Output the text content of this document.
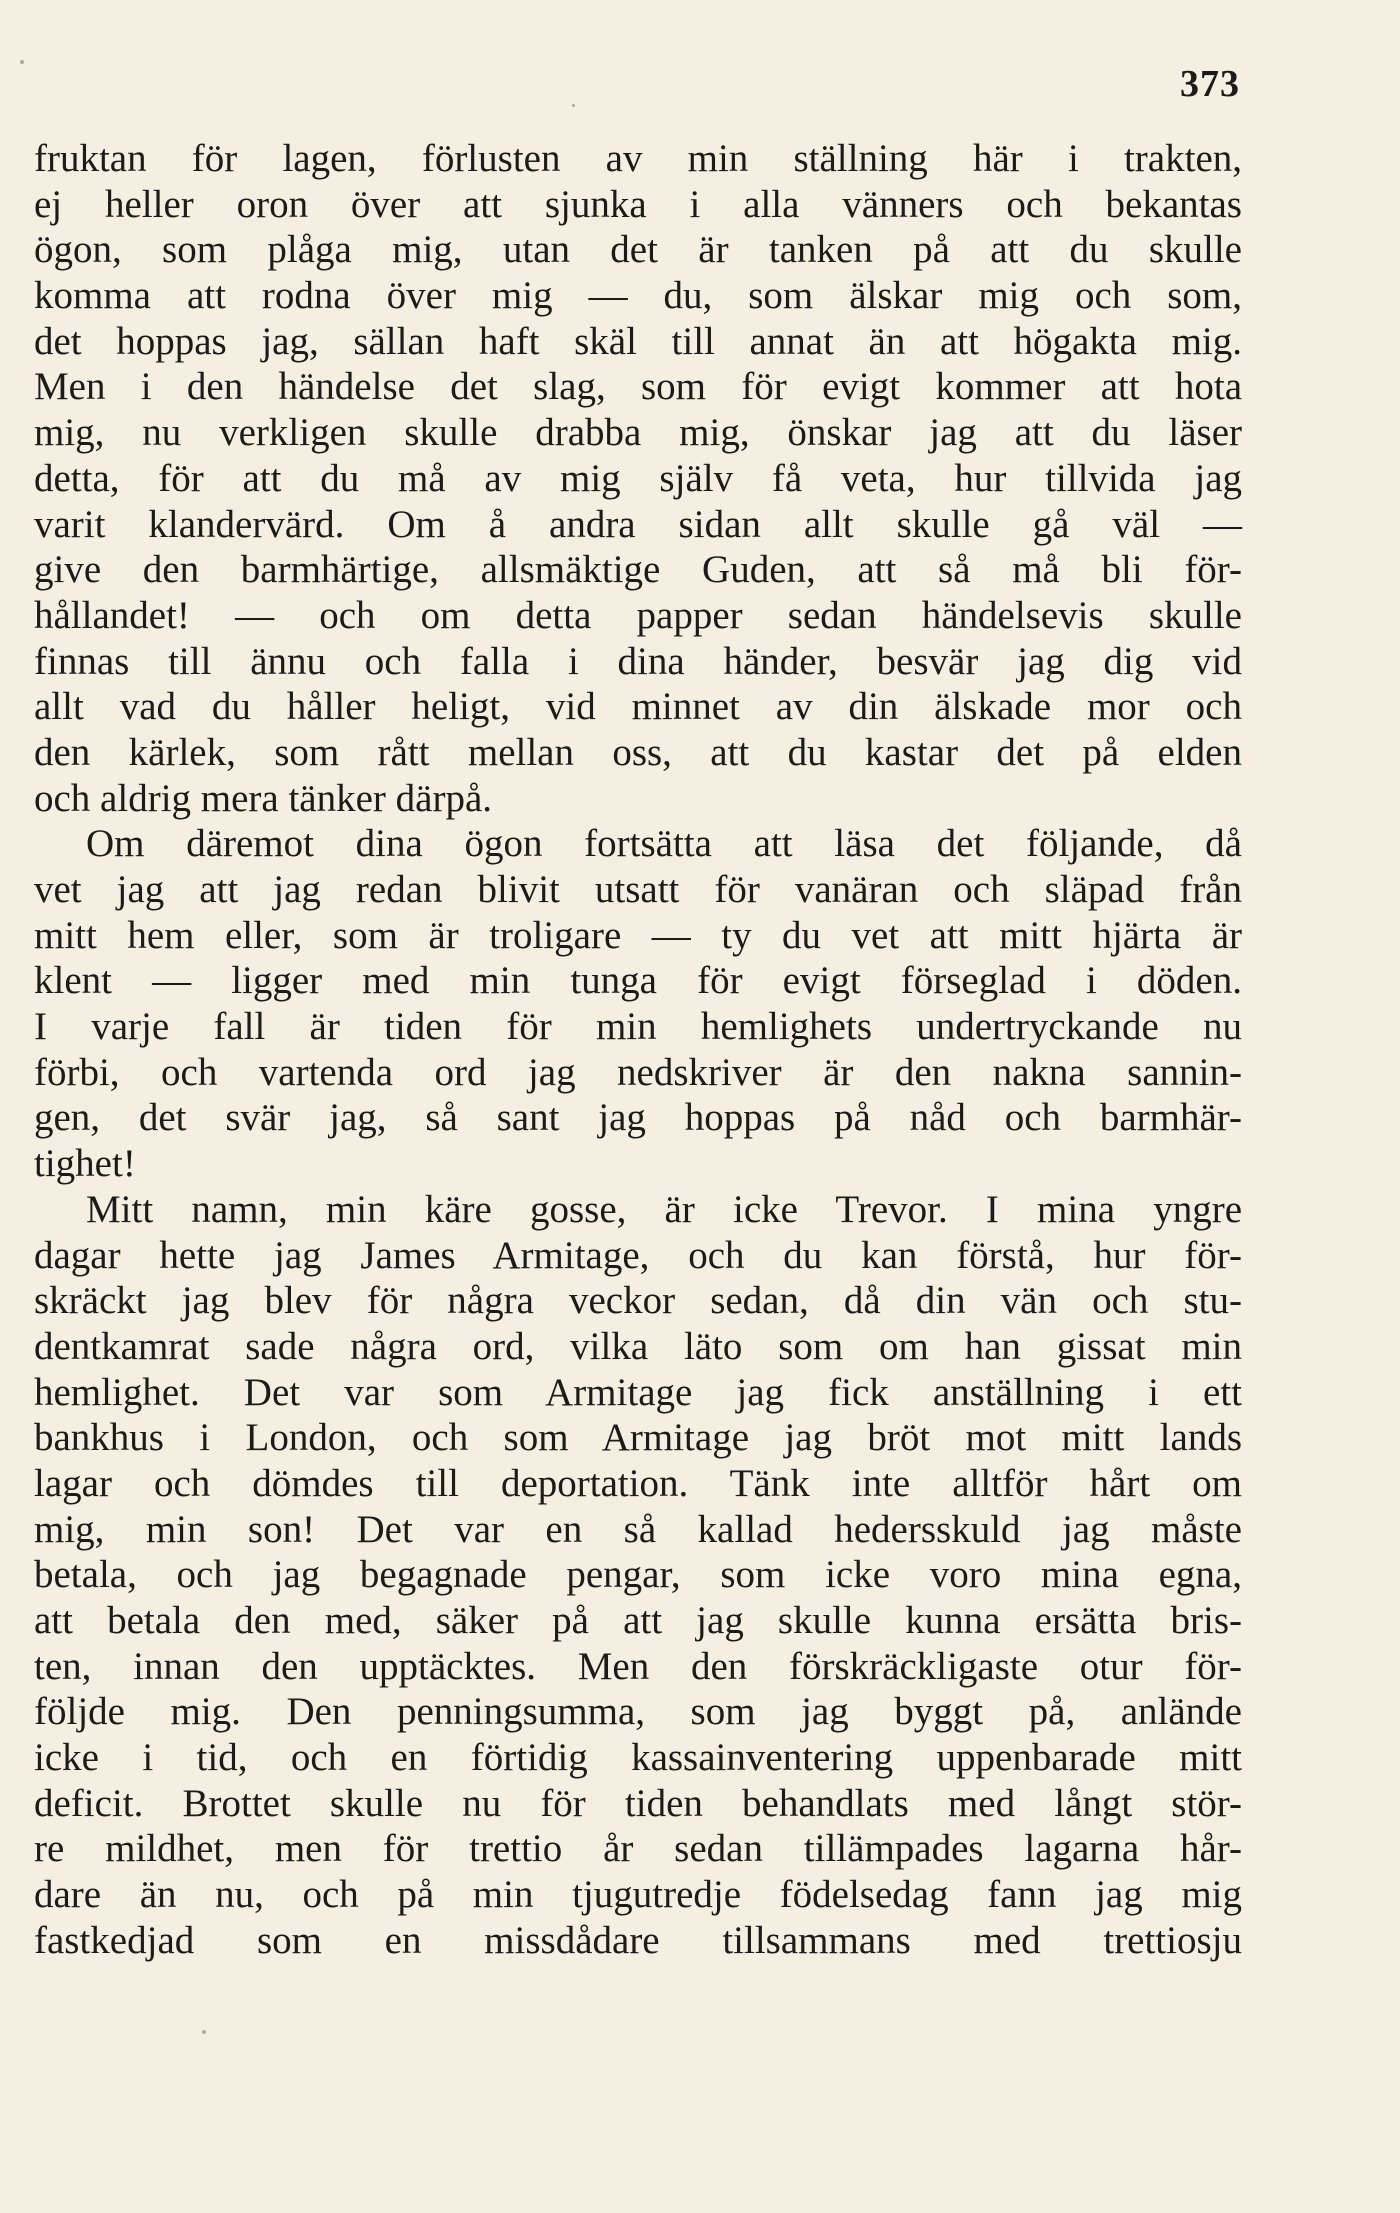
373
fruktan för lagen, förlusten av min ställning här i trakten,
ej heller oron över att sjunka i alla vänners och bekantas
ögon, som plåga mig, utan det är tanken på att du skulle
komma att rodna över mig — du, som älskar mig och som,
det hoppas jag, sällan haft skäl till annat än att högakta mig.
Men i den händelse det slag, som för evigt kommer att hota
mig, nu verkligen skulle drabba mig, önskar jag att du läser
detta, för att du må av mig själv få veta, hur tillvida jag
varit klandervärd. Om å andra sidan allt skulle gå väl —
give den barmhärtige, allsmäktige Guden, att så må bli för-
hållandet! — och om detta papper sedan händelsevis skulle
finnas till ännu och falla i dina händer, besvär jag dig vid
allt vad du håller heligt, vid minnet av din älskade mor och
den kärlek, som rått mellan oss, att du kastar det på elden
och aldrig mera tänker därpå.
Om däremot dina ögon fortsätta att läsa det följande, då
vet jag att jag redan blivit utsatt för vanäran och släpad från
mitt hem eller, som är troligare — ty du vet att mitt hjärta är
klent — ligger med min tunga för evigt förseglad i döden.
I varje fall är tiden för min hemlighets undertryckande nu
förbi, och vartenda ord jag nedskriver är den nakna sannin-
gen, det svär jag, så sant jag hoppas på nåd och barmhär-
tighet!
Mitt namn, min käre gosse, är icke Trevor. I mina yngre
dagar hette jag James Armitage, och du kan förstå, hur för-
skräckt jag blev för några veckor sedan, då din vän och stu-
dentkamrat sade några ord, vilka läto som om han gissat min
hemlighet. Det var som Armitage jag fick anställning i ett
bankhus i London, och som Armitage jag bröt mot mitt lands
lagar och dömdes till deportation. Tänk inte alltför hårt om
mig, min son! Det var en så kallad hedersskuld jag måste
betala, och jag begagnade pengar, som icke voro mina egna,
att betala den med, säker på att jag skulle kunna ersätta bris-
ten, innan den upptäcktes. Men den förskräckligaste otur för-
följde mig. Den penningsumma, som jag byggt på, anlände
icke i tid, och en förtidig kassainventering uppenbarade mitt
deficit. Brottet skulle nu för tiden behandlats med långt stör-
re mildhet, men för trettio år sedan tillämpades lagarna hår-
dare än nu, och på min tjugutredje födelsedag fann jag mig
fastkedjad som en missdådare tillsammans med trettiosju
